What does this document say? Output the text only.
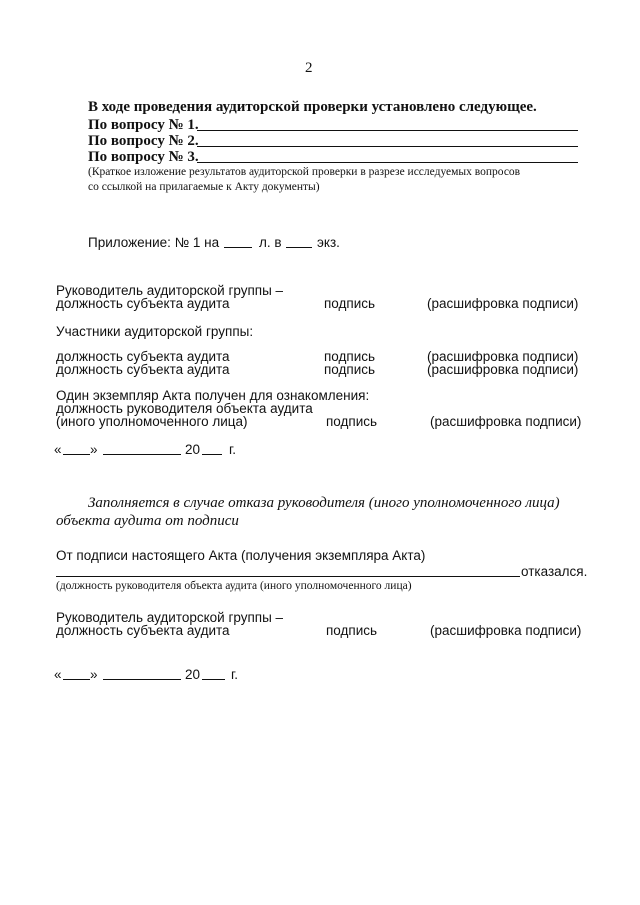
2
В ходе проведения аудиторской проверки установлено следующее.
По вопросу № 1.
По вопросу № 2.
По вопросу № 3.
(Краткое изложение результатов аудиторской проверки в разрезе исследуемых вопросов
со ссылкой на прилагаемые к Акту документы)
Приложение: № 1 на	л. в	экз.
Руководитель аудиторской группы –
должность субъекта аудита	подпись	(расшифровка подписи)
Участники аудиторской группы:
должность субъекта аудита	подпись	(расшифровка подписи)
должность субъекта аудита	подпись	(расшифровка подписи)
Один экземпляр Акта получен для ознакомления:
должность руководителя объекта аудита
(иного уполномоченного лица)	подпись	(расшифровка подписи)
« »	20 г.
Заполняется в случае отказа руководителя (иного уполномоченного лица)
объекта аудита от подписи
От подписи настоящего Акта (получения экземпляра Акта)
отказался.
(должность руководителя объекта аудита (иного уполномоченного лица)
Руководитель аудиторской группы –
должность субъекта аудита	подпись	(расшифровка подписи)
« »	20 г.
